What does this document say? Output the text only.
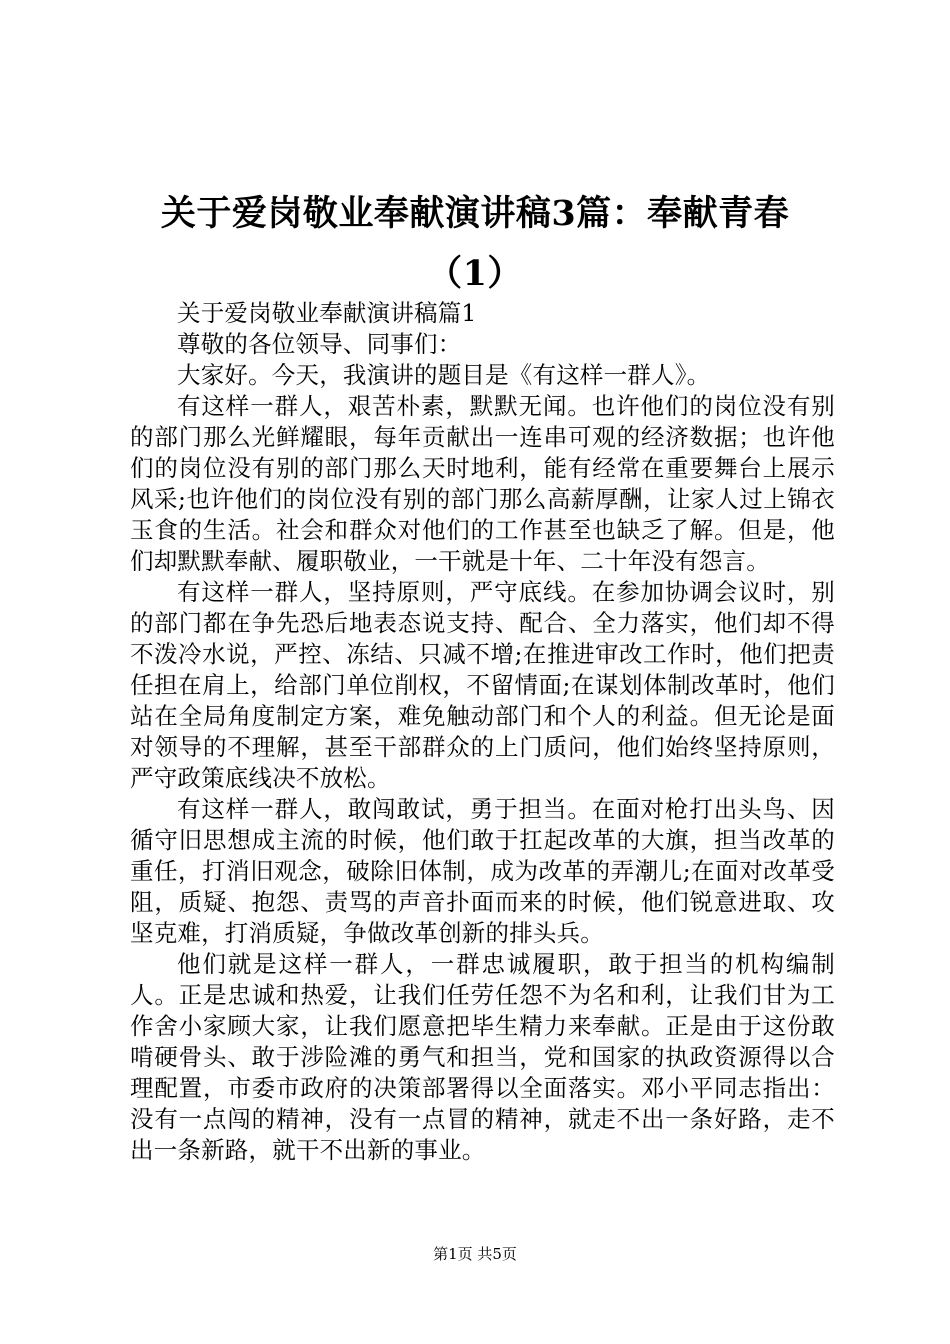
关于爱岗敬业奉献演讲稿3篇：奉献青春
（1）

关于爱岗敬业奉献演讲稿篇1

尊敬的各位领导、同事们：

大家好。今天，我演讲的题目是《有这样一群人》。

有这样一群人，艰苦朴素，默默无闻。也许他们的岗位没有别的部门那么光鲜耀眼，每年贡献出一连串可观的经济数据；也许他们的岗位没有别的部门那么天时地利，能有经常在重要舞台上展示风采;也许他们的岗位没有别的部门那么高薪厚酬，让家人过上锦衣玉食的生活。社会和群众对他们的工作甚至也缺乏了解。但是，他们却默默奉献、履职敬业，一干就是十年、二十年没有怨言。

有这样一群人，坚持原则，严守底线。在参加协调会议时，别的部门都在争先恐后地表态说支持、配合、全力落实，他们却不得不泼冷水说，严控、冻结、只减不增;在推进审改工作时，他们把责任担在肩上，给部门单位削权，不留情面;在谋划体制改革时，他们站在全局角度制定方案，难免触动部门和个人的利益。但无论是面对领导的不理解，甚至干部群众的上门质问，他们始终坚持原则，严守政策底线决不放松。

有这样一群人，敢闯敢试，勇于担当。在面对枪打出头鸟、因循守旧思想成主流的时候，他们敢于扛起改革的大旗，担当改革的重任，打消旧观念，破除旧体制，成为改革的弄潮儿;在面对改革受阻，质疑、抱怨、责骂的声音扑面而来的时候，他们锐意进取、攻坚克难，打消质疑，争做改革创新的排头兵。

他们就是这样一群人，一群忠诚履职，敢于担当的机构编制人。正是忠诚和热爱，让我们任劳任怨不为名和利，让我们甘为工作舍小家顾大家，让我们愿意把毕生精力来奉献。正是由于这份敢啃硬骨头、敢于涉险滩的勇气和担当，党和国家的执政资源得以合理配置，市委市政府的决策部署得以全面落实。邓小平同志指出：没有一点闯的精神，没有一点冒的精神，就走不出一条好路，走不出一条新路，就干不出新的事业。

第1页 共5页
